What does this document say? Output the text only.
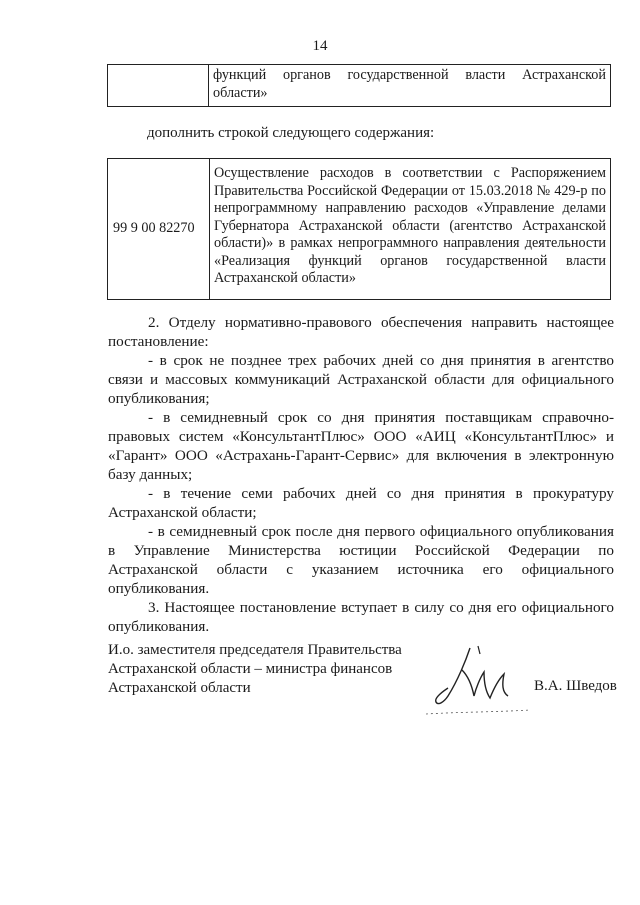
14
	функций органов государственной власти Астраханской области»
дополнить строкой следующего содержания:
99 9 00 82270	Осуществление расходов в соответствии с Распоряжением Правительства Российской Федерации от 15.03.2018 № 429-р по непрограммному направлению расходов «Управление делами Губернатора Астраханской области (агентство Астраханской области)» в рамках непрограммного направления деятельности «Реализация функций органов государственной власти Астраханской области»

2. Отделу нормативно-правового обеспечения направить настоящее постановление:

- в срок не позднее трех рабочих дней со дня принятия в агентство связи и массовых коммуникаций Астраханской области для официального опубликования;

- в семидневный срок со дня принятия поставщикам справочно-правовых систем «КонсультантПлюс» ООО «АИЦ «КонсультантПлюс» и «Гарант» ООО «Астрахань-Гарант-Сервис» для включения в электронную базу данных;

- в течение семи рабочих дней со дня принятия в прокуратуру Астраханской области;

- в семидневный срок после дня первого официального опубликования в Управление Министерства юстиции Российской Федерации по Астраханской области с указанием источника его официального опубликования.

3. Настоящее постановление вступает в силу со дня его официального опубликования.

И.о. заместителя председателя Правительства
Астраханской области – министра финансов
Астраханской области	В.А. Шведов
